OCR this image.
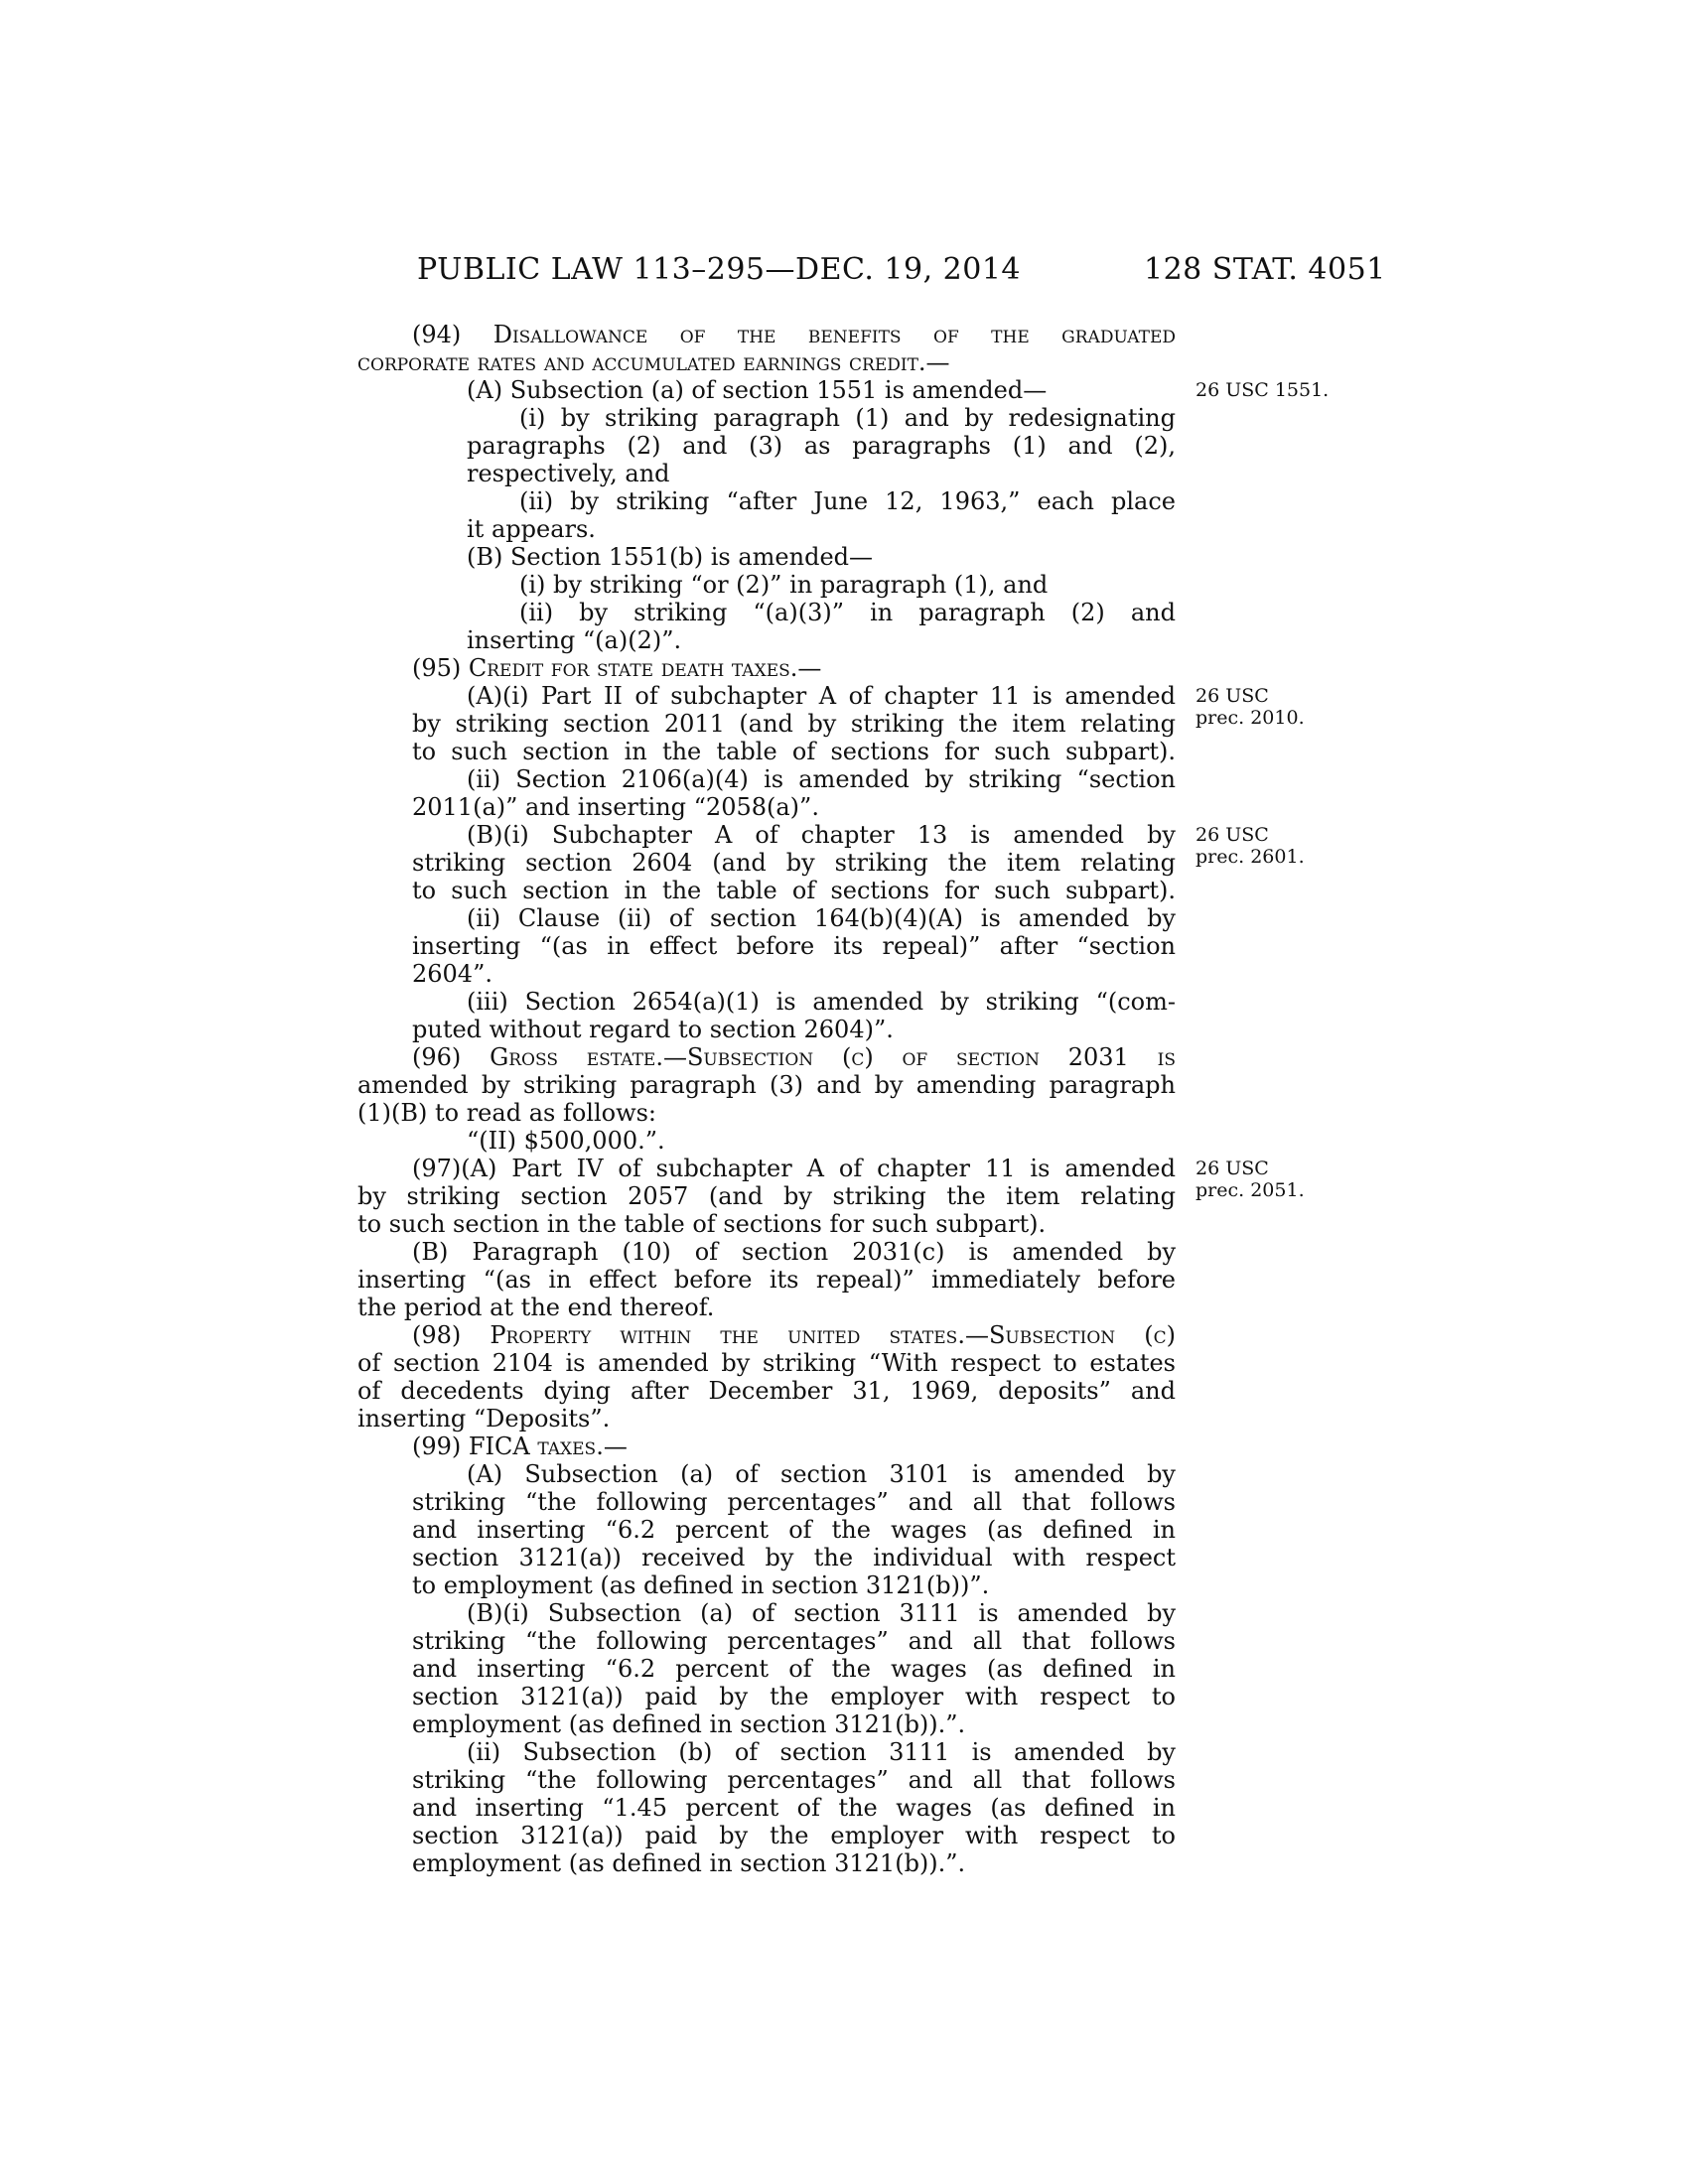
PUBLIC LAW 113–295—DEC. 19, 2014	128 STAT. 4051
(94) Disallowance of the benefits of the graduated
corporate rates and accumulated earnings credit.—
(A) Subsection (a) of section 1551 is amended—
(i) by striking paragraph (1) and by redesignating
paragraphs (2) and (3) as paragraphs (1) and (2),
respectively, and
(ii) by striking “after June 12, 1963,” each place
it appears.
(B) Section 1551(b) is amended—
(i) by striking “or (2)” in paragraph (1), and
(ii) by striking “(a)(3)” in paragraph (2) and
inserting “(a)(2)”.
(95) Credit for state death taxes.—
(A)(i) Part II of subchapter A of chapter 11 is amended
by striking section 2011 (and by striking the item relating
to such section in the table of sections for such subpart).
(ii) Section 2106(a)(4) is amended by striking “section
2011(a)” and inserting “2058(a)”.
(B)(i) Subchapter A of chapter 13 is amended by
striking section 2604 (and by striking the item relating
to such section in the table of sections for such subpart).
(ii) Clause (ii) of section 164(b)(4)(A) is amended by
inserting “(as in effect before its repeal)” after “section
2604”.
(iii) Section 2654(a)(1) is amended by striking “(com-
puted without regard to section 2604)”.
(96) Gross estate.—Subsection (c) of section 2031 is
amended by striking paragraph (3) and by amending paragraph
(1)(B) to read as follows:
“(II) $500,000.”.
(97)(A) Part IV of subchapter A of chapter 11 is amended
by striking section 2057 (and by striking the item relating
to such section in the table of sections for such subpart).
(B) Paragraph (10) of section 2031(c) is amended by
inserting “(as in effect before its repeal)” immediately before
the period at the end thereof.
(98) Property within the united states.—Subsection (c)
of section 2104 is amended by striking “With respect to estates
of decedents dying after December 31, 1969, deposits” and
inserting “Deposits”.
(99) FICA taxes.—
(A) Subsection (a) of section 3101 is amended by
striking “the following percentages” and all that follows
and inserting “6.2 percent of the wages (as defined in
section 3121(a)) received by the individual with respect
to employment (as defined in section 3121(b))”.
(B)(i) Subsection (a) of section 3111 is amended by
striking “the following percentages” and all that follows
and inserting “6.2 percent of the wages (as defined in
section 3121(a)) paid by the employer with respect to
employment (as defined in section 3121(b)).”.
(ii) Subsection (b) of section 3111 is amended by
striking “the following percentages” and all that follows
and inserting “1.45 percent of the wages (as defined in
section 3121(a)) paid by the employer with respect to
employment (as defined in section 3121(b)).”.
26 USC 1551.
26 USC
prec. 2010.
26 USC
prec. 2601.
26 USC
prec. 2051.
